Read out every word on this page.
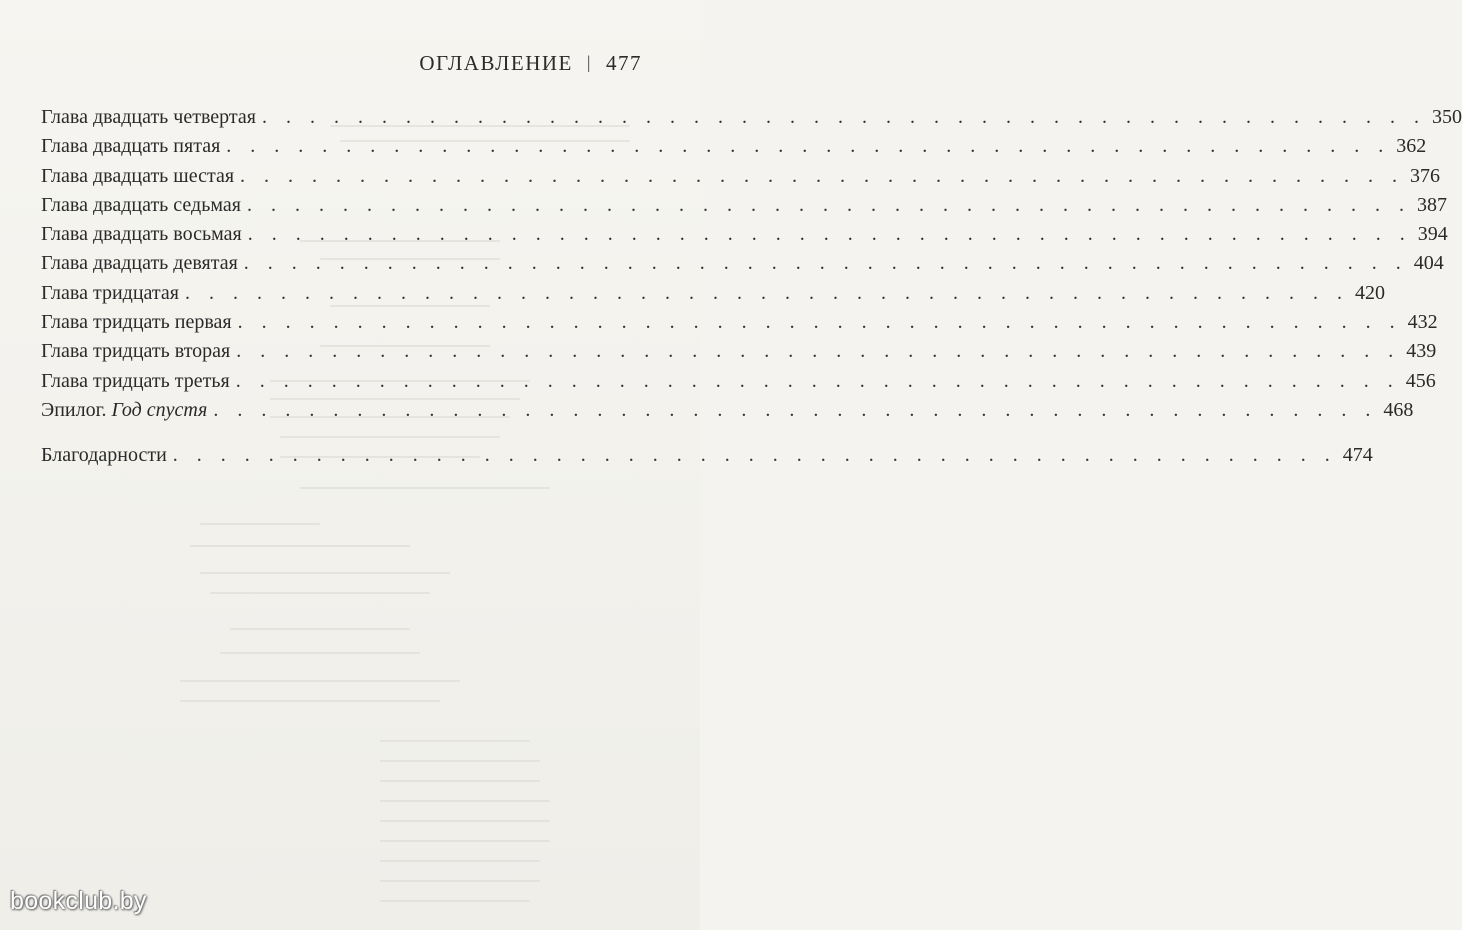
ОГЛАВЛЕНИЕ | 477
Глава двадцать четвертая . . . . . . . . . . . . . . . . . . . . . . . . . . . . . . . . . . . . . . . . . . . . . . . . . 350
Глава двадцать пятая . . . . . . . . . . . . . . . . . . . . . . . . . . . . . . . . . . . . . . . . . . . . . . . . . 362
Глава двадцать шестая . . . . . . . . . . . . . . . . . . . . . . . . . . . . . . . . . . . . . . . . . . . . . . . . . 376
Глава двадцать седьмая . . . . . . . . . . . . . . . . . . . . . . . . . . . . . . . . . . . . . . . . . . . . . . . . . 387
Глава двадцать восьмая . . . . . . . . . . . . . . . . . . . . . . . . . . . . . . . . . . . . . . . . . . . . . . . . . 394
Глава двадцать девятая . . . . . . . . . . . . . . . . . . . . . . . . . . . . . . . . . . . . . . . . . . . . . . . . . 404
Глава тридцатая . . . . . . . . . . . . . . . . . . . . . . . . . . . . . . . . . . . . . . . . . . . . . . . . . 420
Глава тридцать первая . . . . . . . . . . . . . . . . . . . . . . . . . . . . . . . . . . . . . . . . . . . . . . . . . 432
Глава тридцать вторая . . . . . . . . . . . . . . . . . . . . . . . . . . . . . . . . . . . . . . . . . . . . . . . . . 439
Глава тридцать третья . . . . . . . . . . . . . . . . . . . . . . . . . . . . . . . . . . . . . . . . . . . . . . . . . 456
Эпилог. Год спустя . . . . . . . . . . . . . . . . . . . . . . . . . . . . . . . . . . . . . . . . . . . . . . . . . 468
Благодарности . . . . . . . . . . . . . . . . . . . . . . . . . . . . . . . . . . . . . . . . . . . . . . . . . 474
bookclub.by
